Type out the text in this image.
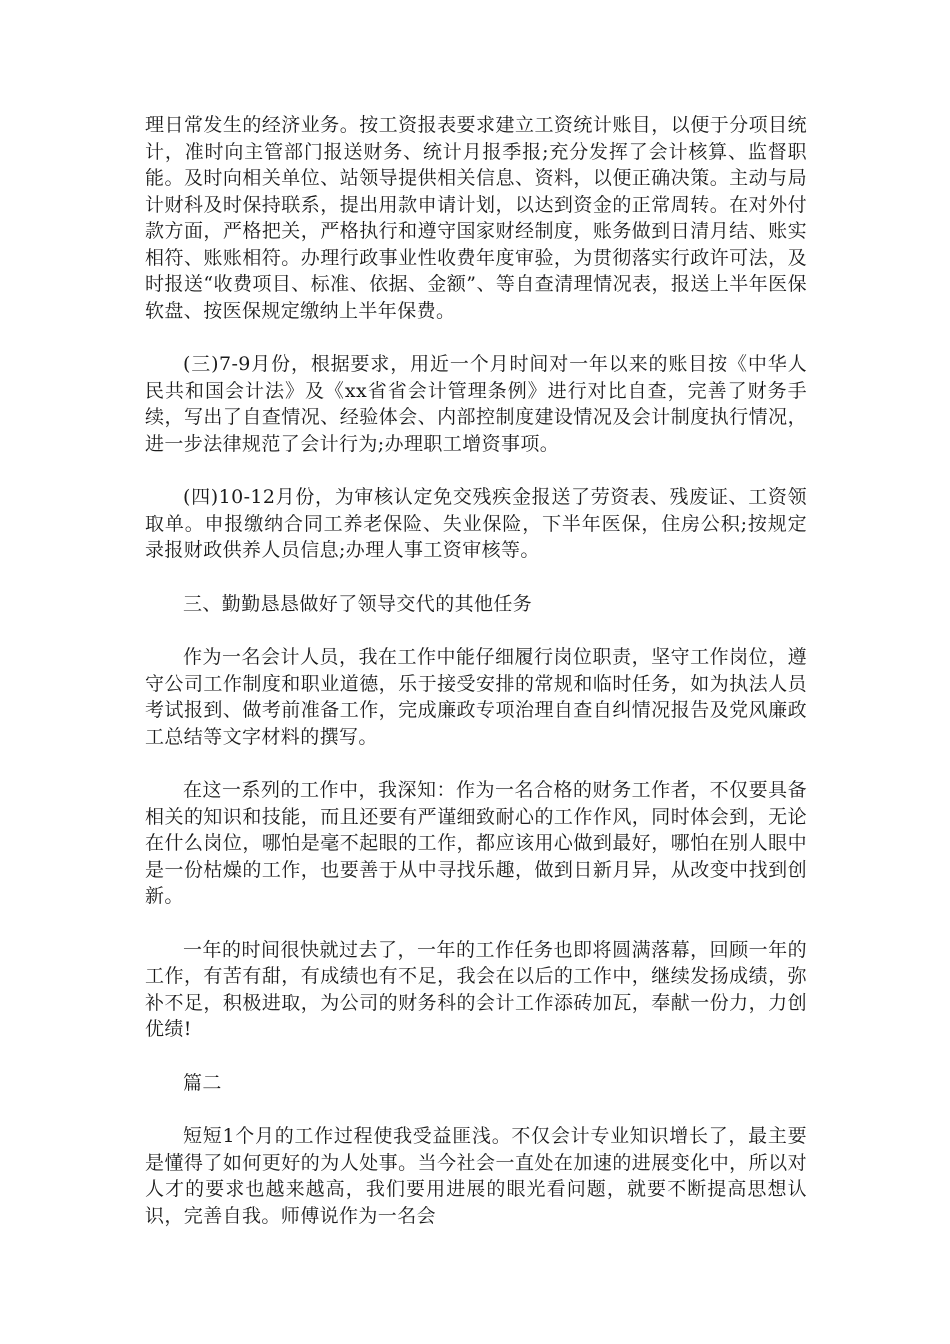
理日常发生的经济业务。按工资报表要求建立工资统计账目，以便于分项目统计，准时向主管部门报送财务、统计月报季报;充分发挥了会计核算、监督职能。及时向相关单位、站领导提供相关信息、资料，以便正确决策。主动与局计财科及时保持联系，提出用款申请计划，以达到资金的正常周转。在对外付款方面，严格把关，严格执行和遵守国家财经制度，账务做到日清月结、账实相符、账账相符。办理行政事业性收费年度审验，为贯彻落实行政许可法，及时报送“收费项目、标准、依据、金额”、等自查清理情况表，报送上半年医保软盘、按医保规定缴纳上半年保费。

(三)7-9月份，根据要求，用近一个月时间对一年以来的账目按《中华人民共和国会计法》及《xx省省会计管理条例》进行对比自查，完善了财务手续，写出了自查情况、经验体会、内部控制度建设情况及会计制度执行情况，进一步法律规范了会计行为;办理职工增资事项。

(四)10-12月份，为审核认定免交残疾金报送了劳资表、残废证、工资领取单。申报缴纳合同工养老保险、失业保险，下半年医保，住房公积;按规定录报财政供养人员信息;办理人事工资审核等。

三、勤勤恳恳做好了领导交代的其他任务

作为一名会计人员，我在工作中能仔细履行岗位职责，坚守工作岗位，遵守公司工作制度和职业道德，乐于接受安排的常规和临时任务，如为执法人员考试报到、做考前准备工作，完成廉政专项治理自查自纠情况报告及党风廉政工总结等文字材料的撰写。

在这一系列的工作中，我深知：作为一名合格的财务工作者，不仅要具备相关的知识和技能，而且还要有严谨细致耐心的工作作风，同时体会到，无论在什么岗位，哪怕是毫不起眼的工作，都应该用心做到最好，哪怕在别人眼中是一份枯燥的工作，也要善于从中寻找乐趣，做到日新月异，从改变中找到创新。

一年的时间很快就过去了，一年的工作任务也即将圆满落幕，回顾一年的工作，有苦有甜，有成绩也有不足，我会在以后的工作中，继续发扬成绩，弥补不足，积极进取，为公司的财务科的会计工作添砖加瓦，奉献一份力，力创优绩!

篇二

短短1个月的工作过程使我受益匪浅。不仅会计专业知识增长了，最主要是懂得了如何更好的为人处事。当今社会一直处在加速的进展变化中，所以对人才的要求也越来越高，我们要用进展的眼光看问题，就要不断提高思想认识，完善自我。师傅说作为一名会
